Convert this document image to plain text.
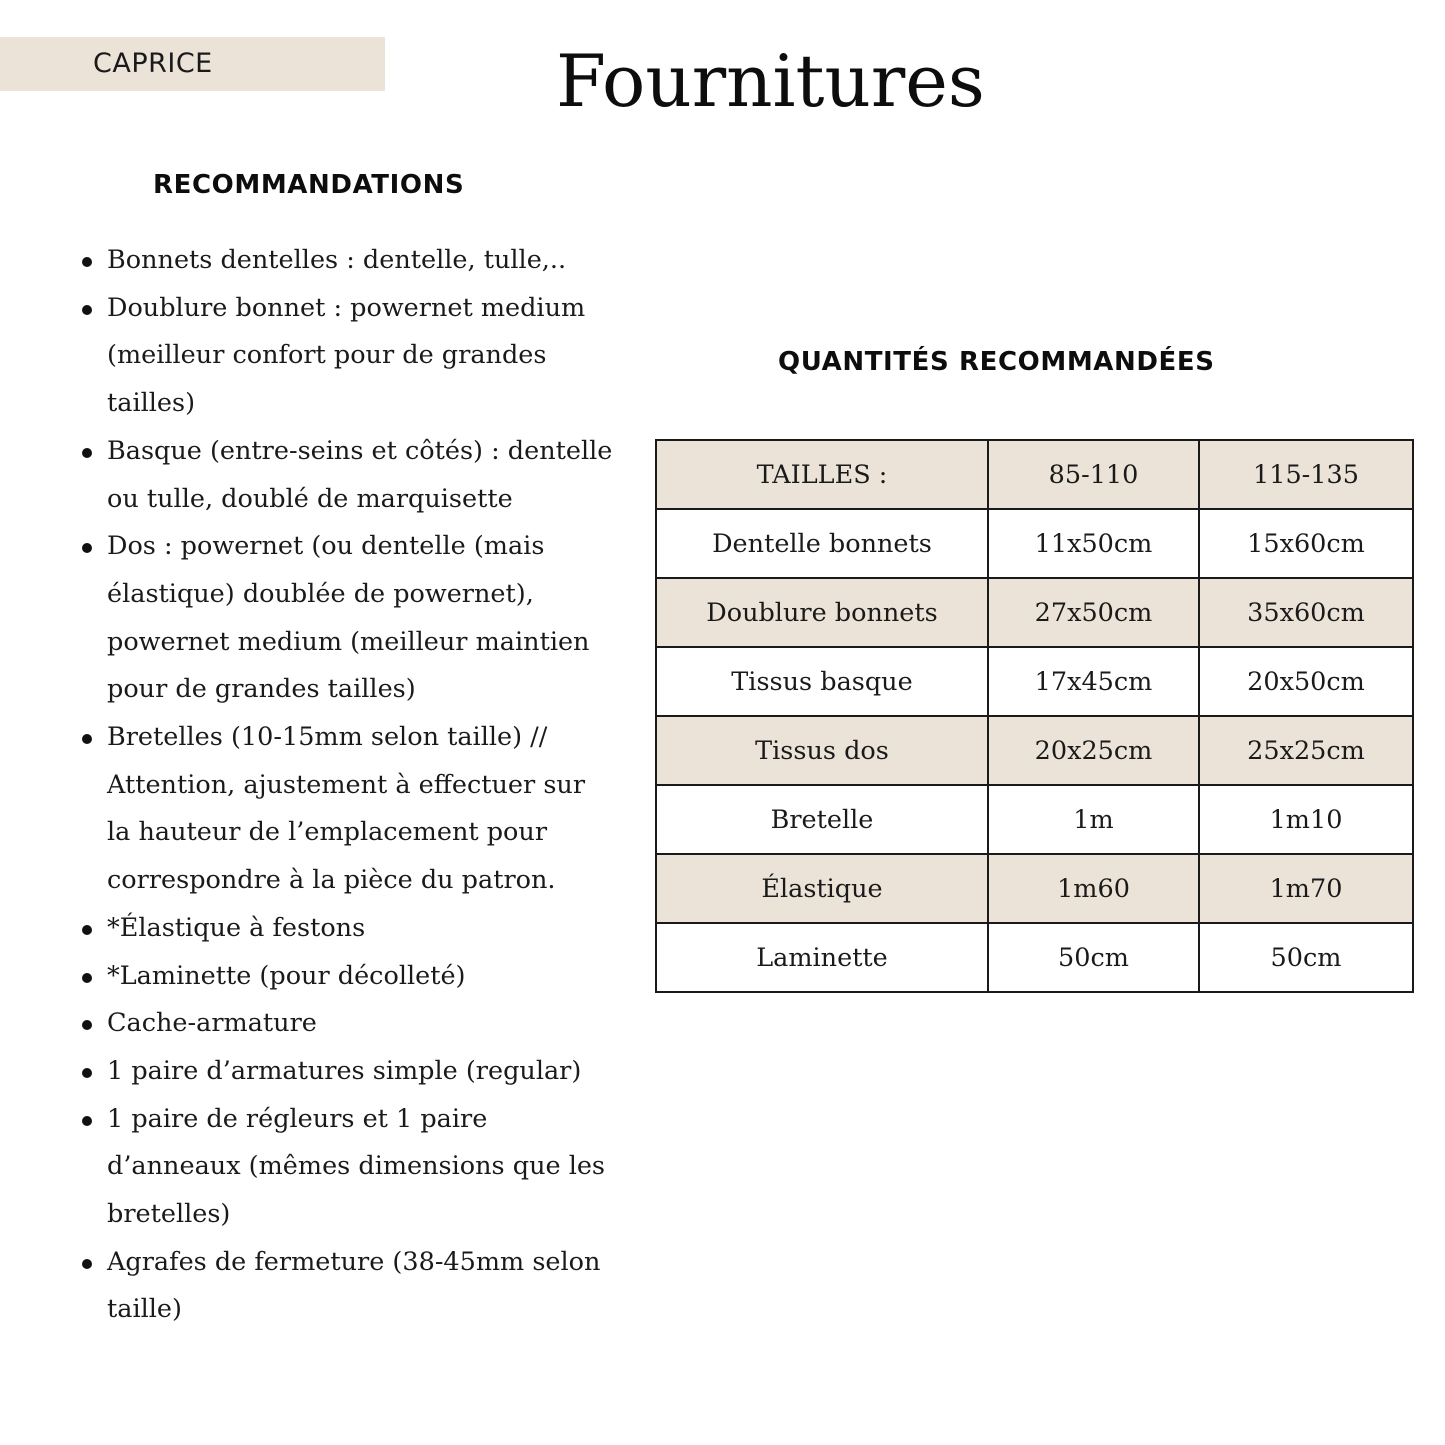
CAPRICE	Fournitures
RECOMMANDATIONS
Bonnets dentelles : dentelle, tulle,..
Doublure bonnet : powernet medium (meilleur confort pour de grandes tailles)
Basque (entre-seins et côtés) : dentelle ou tulle, doublé de marquisette
Dos : powernet (ou dentelle (mais élastique) doublée de powernet), powernet medium (meilleur maintien pour de grandes tailles)
Bretelles (10-15mm selon taille) // Attention, ajustement à effectuer sur la hauteur de l’emplacement pour correspondre à la pièce du patron.
*Élastique à festons
*Laminette (pour décolleté)
Cache-armature
1 paire d’armatures simple (regular)
1 paire de régleurs et 1 paire d’anneaux (mêmes dimensions que les bretelles)
Agrafes de fermeture (38-45mm selon taille)
QUANTITÉS RECOMMANDÉES
TAILLES :	85-110	115-135
Dentelle bonnets	11x50cm	15x60cm
Doublure bonnets	27x50cm	35x60cm
Tissus basque	17x45cm	20x50cm
Tissus dos	20x25cm	25x25cm
Bretelle	1m	1m10
Élastique	1m60	1m70
Laminette	50cm	50cm
